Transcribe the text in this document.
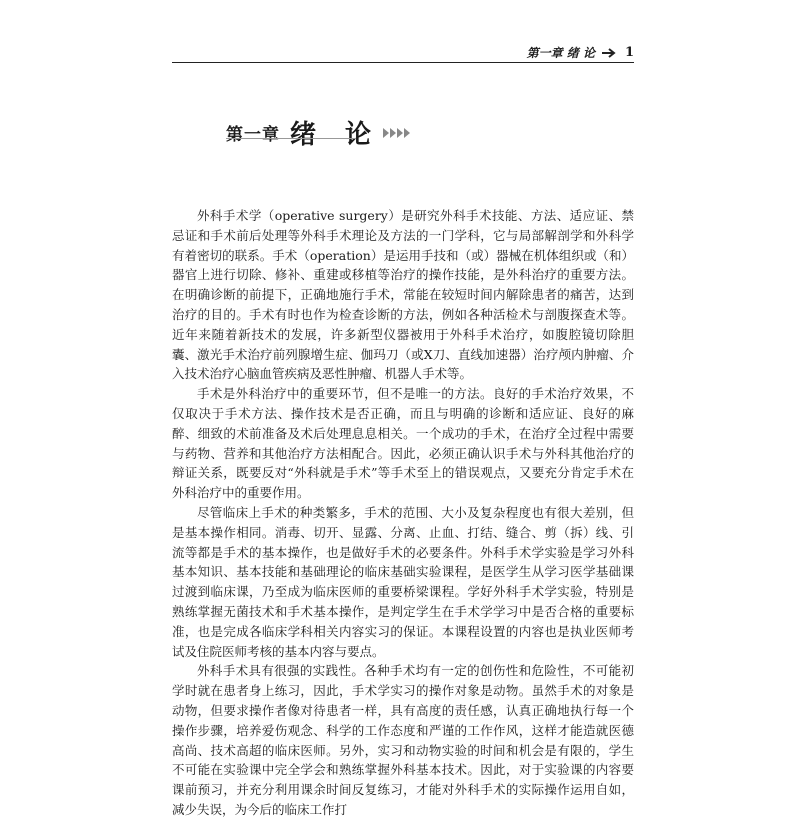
第一章 绪 论 1
第一章 绪 论

外科手术学（operative surgery）是研究外科手术技能、方法、适应证、禁忌证和手术前后处理等外科手术理论及方法的一门学科，它与局部解剖学和外科学有着密切的联系。手术（operation）是运用手技和（或）器械在机体组织或（和）器官上进行切除、修补、重建或移植等治疗的操作技能，是外科治疗的重要方法。在明确诊断的前提下，正确地施行手术，常能在较短时间内解除患者的痛苦，达到治疗的目的。手术有时也作为检查诊断的方法，例如各种活检术与剖腹探查术等。近年来随着新技术的发展，许多新型仪器被用于外科手术治疗，如腹腔镜切除胆囊、激光手术治疗前列腺增生症、伽玛刀（或X刀、直线加速器）治疗颅内肿瘤、介入技术治疗心脑血管疾病及恶性肿瘤、机器人手术等。

手术是外科治疗中的重要环节，但不是唯一的方法。良好的手术治疗效果，不仅取决于手术方法、操作技术是否正确，而且与明确的诊断和适应证、良好的麻醉、细致的术前准备及术后处理息息相关。一个成功的手术，在治疗全过程中需要与药物、营养和其他治疗方法相配合。因此，必须正确认识手术与外科其他治疗的辩证关系，既要反对“外科就是手术”等手术至上的错误观点，又要充分肯定手术在外科治疗中的重要作用。

尽管临床上手术的种类繁多，手术的范围、大小及复杂程度也有很大差别，但是基本操作相同。消毒、切开、显露、分离、止血、打结、缝合、剪（拆）线、引流等都是手术的基本操作，也是做好手术的必要条件。外科手术学实验是学习外科基本知识、基本技能和基础理论的临床基础实验课程，是医学生从学习医学基础课过渡到临床课，乃至成为临床医师的重要桥梁课程。学好外科手术学实验，特别是熟练掌握无菌技术和手术基本操作，是判定学生在手术学学习中是否合格的重要标准，也是完成各临床学科相关内容实习的保证。本课程设置的内容也是执业医师考试及住院医师考核的基本内容与要点。

外科手术具有很强的实践性。各种手术均有一定的创伤性和危险性，不可能初学时就在患者身上练习，因此，手术学实习的操作对象是动物。虽然手术的对象是动物，但要求操作者像对待患者一样，具有高度的责任感，认真正确地执行每一个操作步骤，培养爱伤观念、科学的工作态度和严谨的工作作风，这样才能造就医德高尚、技术高超的临床医师。另外，实习和动物实验的时间和机会是有限的，学生不可能在实验课中完全学会和熟练掌握外科基本技术。因此，对于实验课的内容要课前预习，并充分利用课余时间反复练习，才能对外科手术的实际操作运用自如，减少失误，为今后的临床工作打
